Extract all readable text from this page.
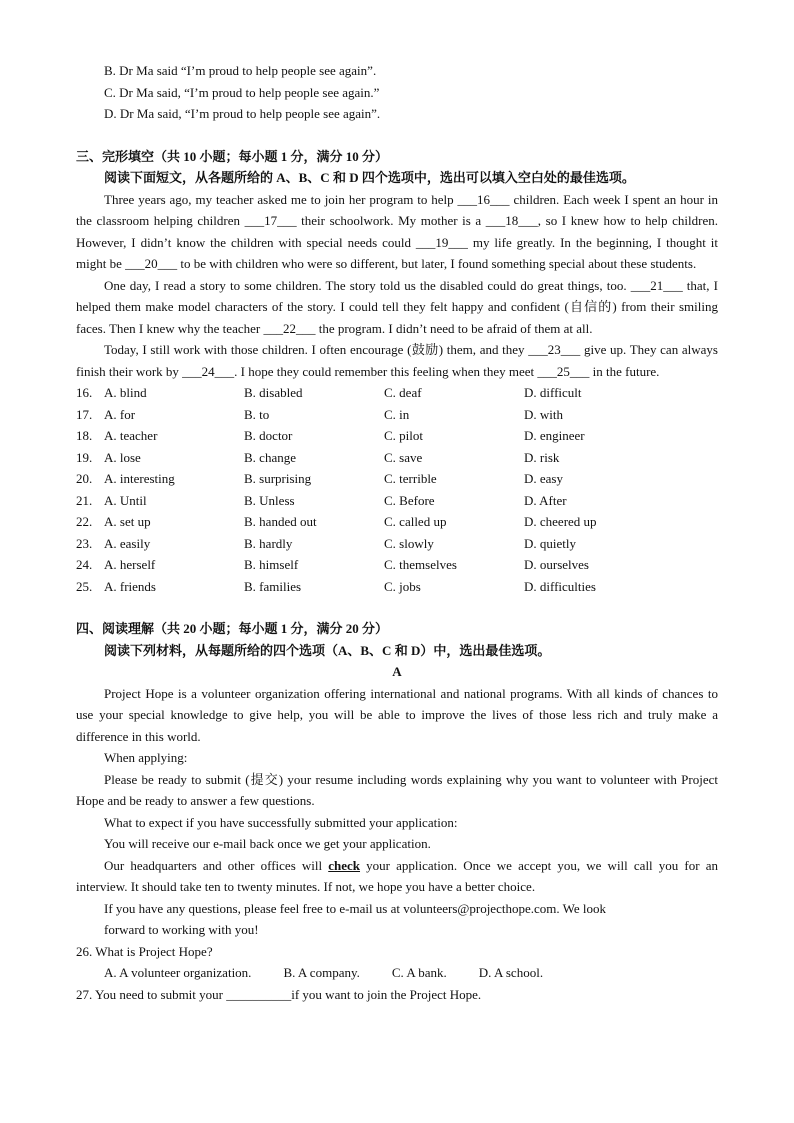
B. Dr Ma said “I’m proud to help people see again”.
C. Dr Ma said, “I’m proud to help people see again.”
D. Dr Ma said, “I’m proud to help people see again”.
三、完形填空（共 10 小题；每小题 1 分，满分 10 分）
阅读下面短文，从各题所给的 A、B、C 和 D 四个选项中，选出可以填入空白处的最佳选项。

Three years ago, my teacher asked me to join her program to help ___16___ children. Each week I spent an hour in the classroom helping children ___17___ their schoolwork. My mother is a ___18___, so I knew how to help children. However, I didn’t know the children with special needs could ___19___ my life greatly. In the beginning, I thought it might be ___20___ to be with children who were so different, but later, I found something special about these students.

One day, I read a story to some children. The story told us the disabled could do great things, too. ___21___ that, I helped them make model characters of the story. I could tell they felt happy and confident (自信的) from their smiling faces. Then I knew why the teacher ___22___ the program. I didn’t need to be afraid of them at all.

Today, I still work with those children. I often encourage (鼓励) them, and they ___23___ give up. They can always finish their work by ___24___. I hope they could remember this feeling when they meet ___25___ in the future.

16. A. blind	B. disabled	C. deaf	D. difficult
17. A. for	B. to	C. in	D. with
18. A. teacher	B. doctor	C. pilot	D. engineer
19. A. lose	B. change	C. save	D. risk
20. A. interesting	B. surprising	C. terrible	D. easy
21. A. Until	B. Unless	C. Before	D. After
22. A. set up	B. handed out	C. called up	D. cheered up
23. A. easily	B. hardly	C. slowly	D. quietly
24. A. herself	B. himself	C. themselves	D. ourselves
25. A. friends	B. families	C. jobs	D. difficulties
四、阅读理解（共 20 小题；每小题 1 分，满分 20 分）
阅读下列材料，从每题所给的四个选项（A、B、C 和 D）中，选出最佳选项。
A

Project Hope is a volunteer organization offering international and national programs. With all kinds of chances to use your special knowledge to give help, you will be able to improve the lives of those less rich and truly make a difference in this world.

When applying:

Please be ready to submit (提交) your resume including words explaining why you want to volunteer with Project Hope and be ready to answer a few questions.

What to expect if you have successfully submitted your application:

You will receive our e-mail back once we get your application.

Our headquarters and other offices will check your application. Once we accept you, we will call you for an interview. It should take ten to twenty minutes. If not, we hope you have a better choice.

If you have any questions, please feel free to e-mail us at volunteers@projecthope.com. We look
forward to working with you!
26. What is Project Hope?
A. A volunteer organization. B. A company. C. A bank. D. A school.
27. You need to submit your __________if you want to join the Project Hope.
